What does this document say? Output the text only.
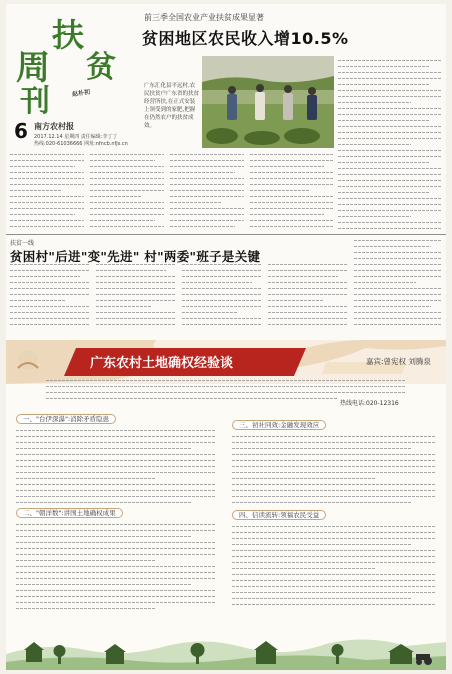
扶
贫
周
刊	赵朴初
6 南方农村报
2017.12.14 星期四 责任编辑:李丁丁
热线:020-61036666 网址:nfncb.nfjs.cn
前三季全国农业产业扶贫成果显著
贫困地区农民收入增10.5%
广东汇化县平远村,农民扶贫户广东省的扶贫经营所扶,在正式安装上领受到的家肥,把握在仍然农户的扶贫成效。
扶贫一线
贫困村"后进"变"先进" 村"两委"班子是关键
广东农村土地确权经验谈	嘉宾:曾宪权 刘腾泉
热线电话:020-12316
一、"台伊深瀑":消除矛盾隐患
二、"朝洋数":讲国土地确权成果
三、初社同效:金融发现效应
四、信读流转:领福农民受益
